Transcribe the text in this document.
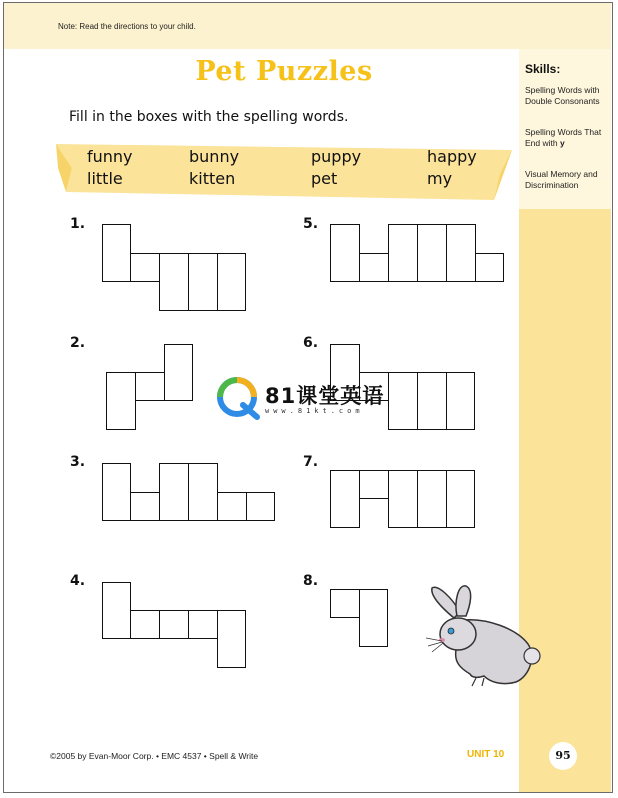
Note: Read the directions to your child.
Skills:
Spelling Words with Double Consonants
Spelling Words That End with y
Visual Memory and Discrimination
Pet Puzzles
Fill in the boxes with the spelling words.
funny	bunny	puppy	happy
little	kitten	pet	my
1.
2.
3.
4.
5.
6.
7.
8.
81课堂英语
www.81kt.com
©2005 by Evan-Moor Corp. • EMC 4537 • Spell & Write	UNIT 10	95
